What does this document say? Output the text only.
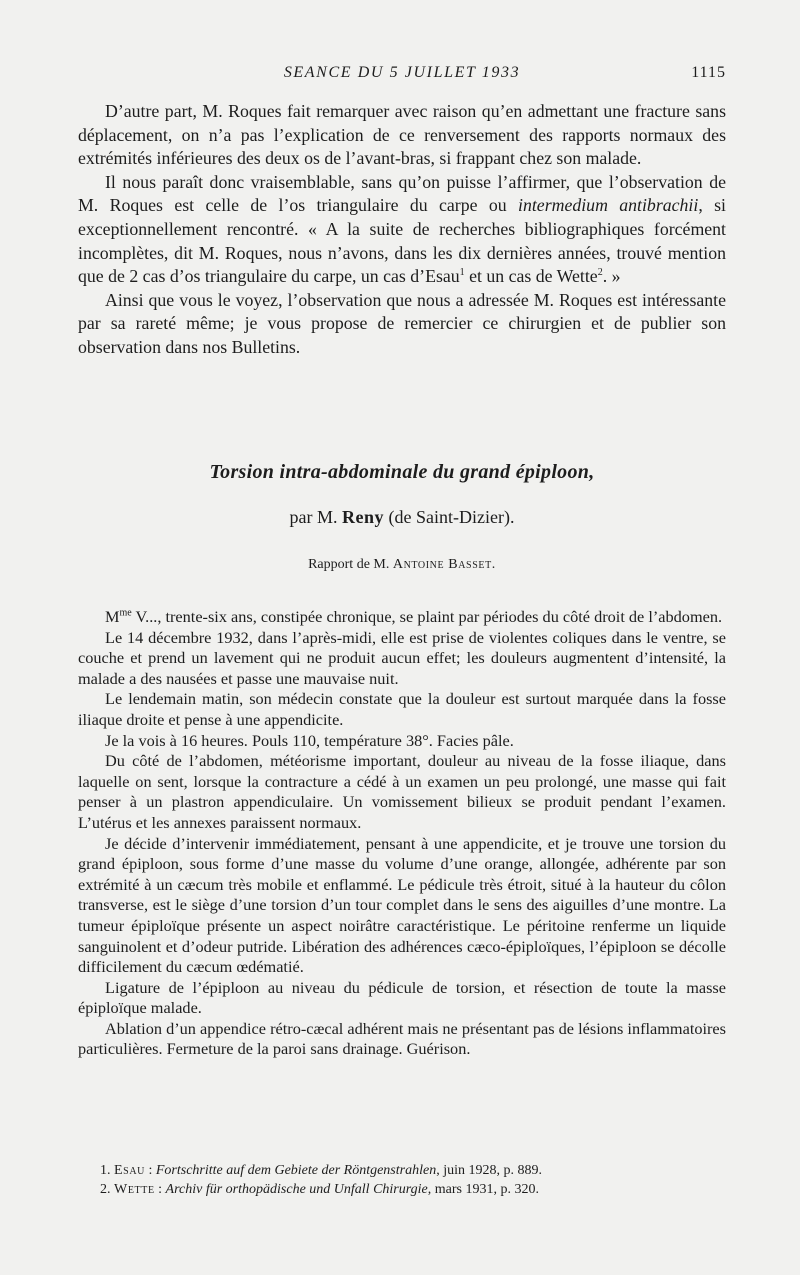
SEANCE DU 5 JUILLET 1933	1115

D’autre part, M. Roques fait remarquer avec raison qu’en admettant une fracture sans déplacement, on n’a pas l’explication de ce renversement des rapports normaux des extrémités inférieures des deux os de l’avant-bras, si frappant chez son malade.

Il nous paraît donc vraisemblable, sans qu’on puisse l’affirmer, que l’observation de M. Roques est celle de l’os triangulaire du carpe ou intermedium antibrachii, si exceptionnellement rencontré. « A la suite de recherches bibliographiques forcément incomplètes, dit M. Roques, nous n’avons, dans les dix dernières années, trouvé mention que de 2 cas d’os triangulaire du carpe, un cas d’Esau$^1$ et un cas de Wette$^2$. »

Ainsi que vous le voyez, l’observation que nous a adressée M. Roques est intéressante par sa rareté même; je vous propose de remercier ce chirurgien et de publier son observation dans nos Bulletins.

Torsion intra-abdominale du grand épiploon,
par M. Reny (de Saint-Dizier).
Rapport de M. Antoine Basset.

$M^{me}$ V..., trente-six ans, constipée chronique, se plaint par périodes du côté droit de l’abdomen.

Le 14 décembre 1932, dans l’après-midi, elle est prise de violentes coliques dans le ventre, se couche et prend un lavement qui ne produit aucun effet; les douleurs augmentent d’intensité, la malade a des nausées et passe une mauvaise nuit.

Le lendemain matin, son médecin constate que la douleur est surtout marquée dans la fosse iliaque droite et pense à une appendicite.

Je la vois à 16 heures. Pouls 110, température 38°. Facies pâle.

Du côté de l’abdomen, météorisme important, douleur au niveau de la fosse iliaque, dans laquelle on sent, lorsque la contracture a cédé à un examen un peu prolongé, une masse qui fait penser à un plastron appendiculaire. Un vomissement bilieux se produit pendant l’examen. L’utérus et les annexes paraissent normaux.

Je décide d’intervenir immédiatement, pensant à une appendicite, et je trouve une torsion du grand épiploon, sous forme d’une masse du volume d’une orange, allongée, adhérente par son extrémité à un cæcum très mobile et enflammé. Le pédicule très étroit, situé à la hauteur du côlon transverse, est le siège d’une torsion d’un tour complet dans le sens des aiguilles d’une montre. La tumeur épiploïque présente un aspect noirâtre caractéristique. Le péritoine renferme un liquide sanguinolent et d’odeur putride. Libération des adhérences cæco-épiploïques, l’épiploon se décolle difficilement du cæcum œdématié.

Ligature de l’épiploon au niveau du pédicule de torsion, et résection de toute la masse épiploïque malade.

Ablation d’un appendice rétro-cæcal adhérent mais ne présentant pas de lésions inflammatoires particulières. Fermeture de la paroi sans drainage. Guérison.

1. Esau : Fortschritte auf dem Gebiete der Röntgenstrahlen, juin 1928, p. 889.

2. Wette : Archiv für orthopädische und Unfall Chirurgie, mars 1931, p. 320.
